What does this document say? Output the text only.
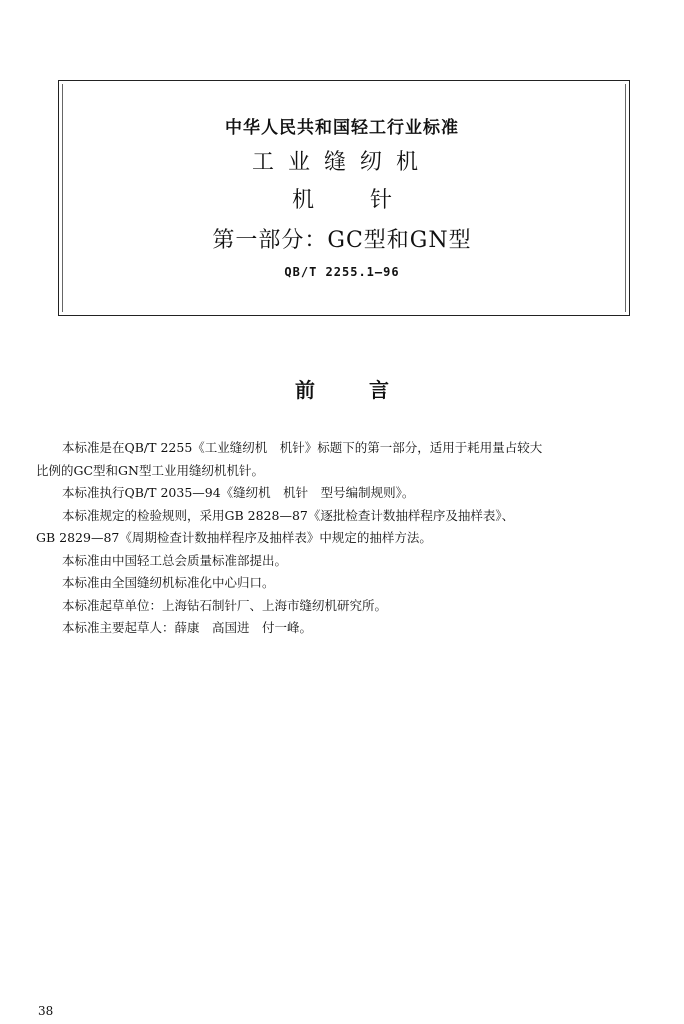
中华人民共和国轻工行业标准
工业缝纫机
机	针
第一部分：GC型和GN型
QB/T 2255.1—96
前	言

本标准是在QB/T 2255《工业缝纫机　机针》标题下的第一部分，适用于耗用量占较大

比例的GC型和GN型工业用缝纫机机针。

本标准执行QB/T 2035—94《缝纫机　机针　型号编制规则》。

本标准规定的检验规则，采用GB 2828—87《逐批检查计数抽样程序及抽样表》、

GB 2829—87《周期检查计数抽样程序及抽样表》中规定的抽样方法。

本标准由中国轻工总会质量标准部提出。

本标准由全国缝纫机标准化中心归口。

本标准起草单位：上海钻石制针厂、上海市缝纫机研究所。

本标准主要起草人：薛康　高国进　付一峰。

38
